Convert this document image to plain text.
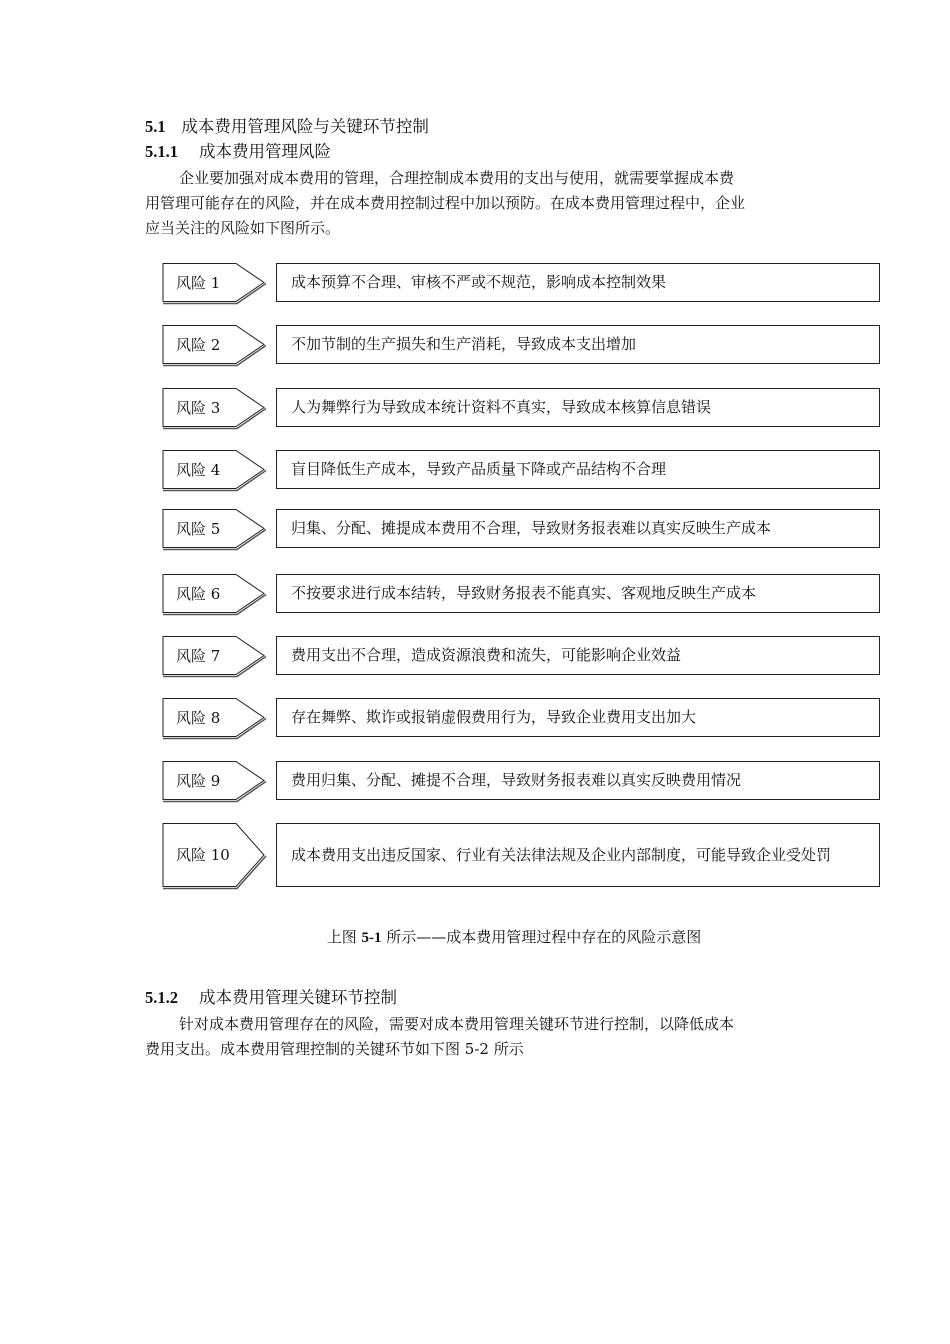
5.1 成本费用管理风险与关键环节控制
5.1.1 成本费用管理风险
企业要加强对成本费用的管理，合理控制成本费用的支出与使用，就需要掌握成本费
用管理可能存在的风险，并在成本费用控制过程中加以预防。在成本费用管理过程中，企业
应当关注的风险如下图所示。
风险 1	成本预算不合理、审核不严或不规范，影响成本控制效果
风险 2	不加节制的生产损失和生产消耗，导致成本支出增加
风险 3	人为舞弊行为导致成本统计资料不真实，导致成本核算信息错误
风险 4	盲目降低生产成本，导致产品质量下降或产品结构不合理
风险 5	归集、分配、摊提成本费用不合理，导致财务报表难以真实反映生产成本
风险 6	不按要求进行成本结转，导致财务报表不能真实、客观地反映生产成本
风险 7	费用支出不合理，造成资源浪费和流失，可能影响企业效益
风险 8	存在舞弊、欺诈或报销虚假费用行为，导致企业费用支出加大
风险 9	费用归集、分配、摊提不合理，导致财务报表难以真实反映费用情况
风险 10	成本费用支出违反国家、行业有关法律法规及企业内部制度，可能导致企业受处罚
上图 5-1 所示——成本费用管理过程中存在的风险示意图
5.1.2 成本费用管理关键环节控制
针对成本费用管理存在的风险，需要对成本费用管理关键环节进行控制，以降低成本
费用支出。成本费用管理控制的关键环节如下图 5-2 所示
